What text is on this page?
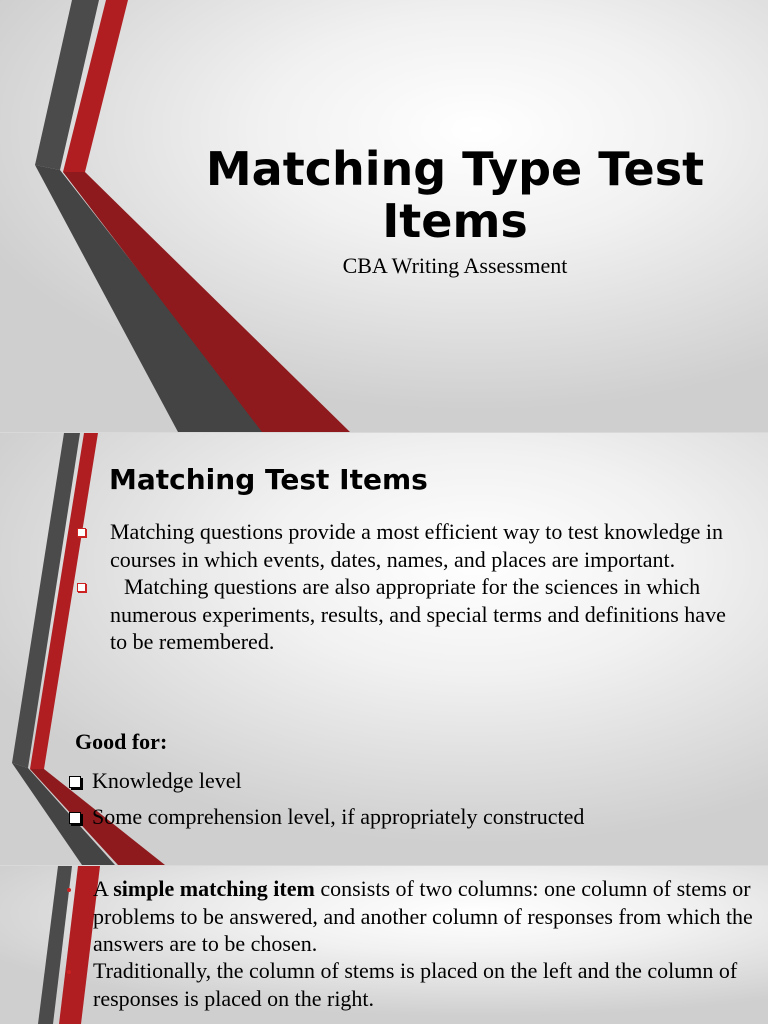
Matching Type Test Items
CBA Writing Assessment
Matching Test Items
Matching questions provide a most efficient way to test knowledge in courses in which events, dates, names, and places are important.
Matching questions are also appropriate for the sciences in which numerous experiments, results, and special terms and definitions have to be remembered.
Good for:
Knowledge level
Some comprehension level, if appropriately constructed

A simple matching item consists of two columns: one column of stems or problems to be answered, and another column of responses from which the answers are to be chosen.

Traditionally, the column of stems is placed on the left and the column of responses is placed on the right.
